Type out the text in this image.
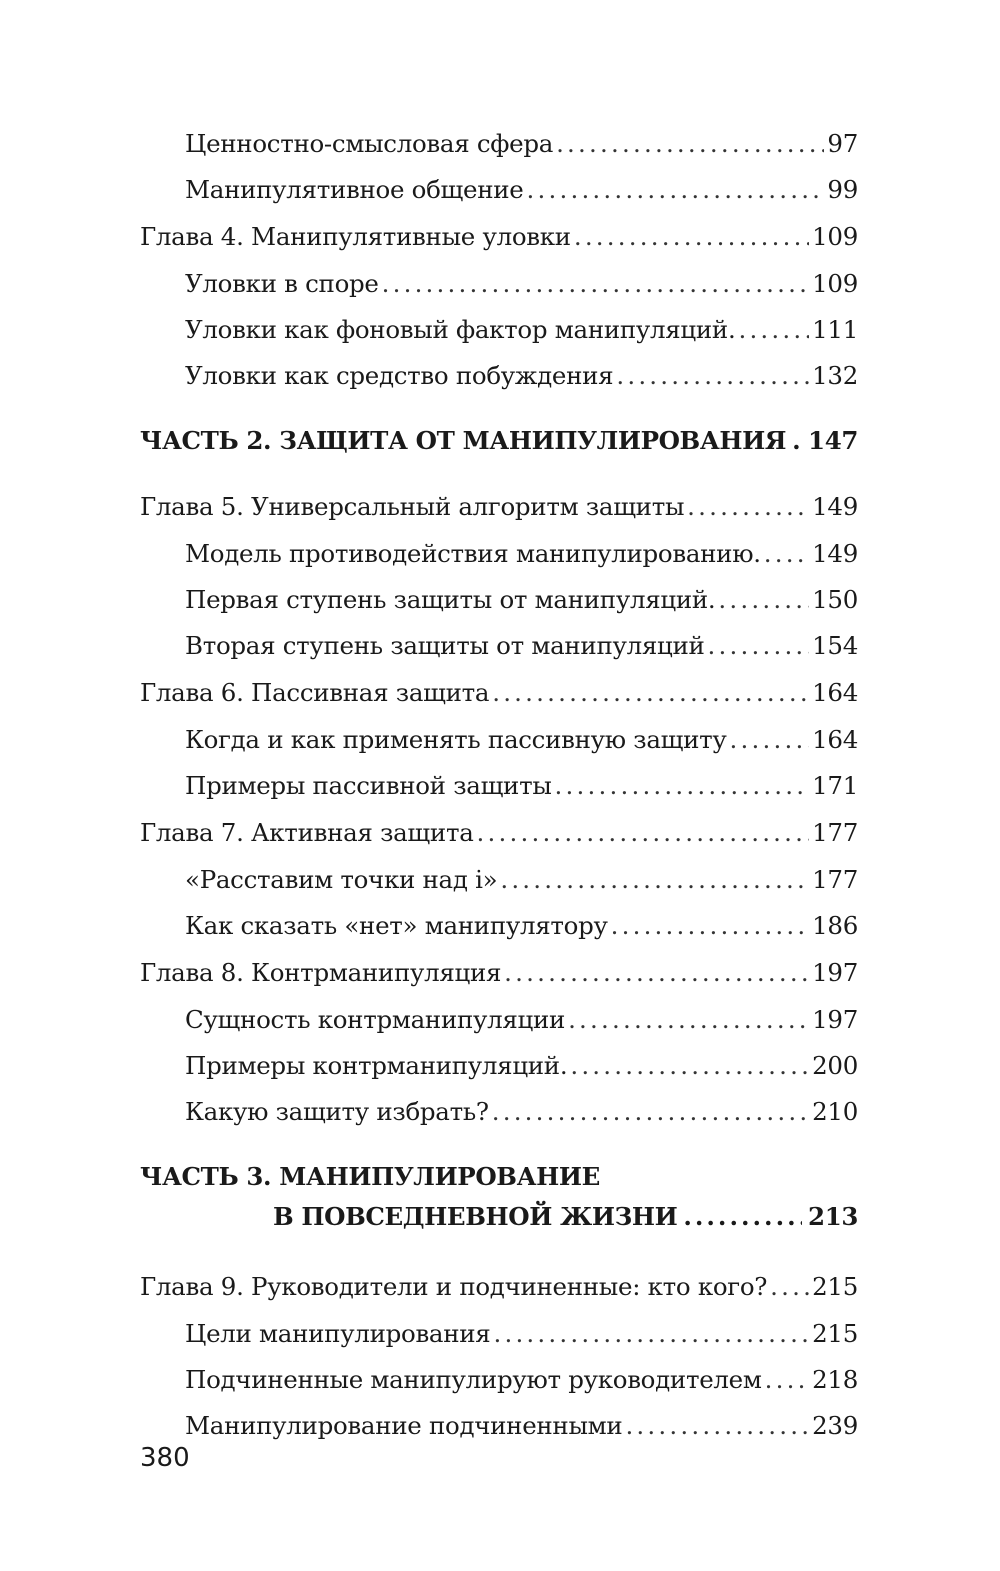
Ценностно-смысловая сфера .....	97
Манипулятивное общение .....	99
Глава 4. Манипулятивные уловки .....	109
Уловки в споре .....	109
Уловки как фоновый фактор манипуляций. .....	111
Уловки как средство побуждения .....	132
ЧАСТЬ 2. ЗАЩИТА ОТ МАНИПУЛИРОВАНИЯ ..... 147
Глава 5. Универсальный алгоритм защиты .....	149
Модель противодействия манипулированию. ..... 149
Первая ступень защиты от манипуляций. .....	150
Вторая ступень защиты от манипуляций .....	154
Глава 6. Пассивная защита .....	164
Когда и как применять пассивную защиту .....	164
Примеры пассивной защиты .....	171
Глава 7. Активная защита .....	177
«Расставим точки над i» .....	177
Как сказать «нет» манипулятору .....	186
Глава 8. Контрманипуляция .....	197
Сущность контрманипуляции .....	197
Примеры контрманипуляций. .....	200
Какую защиту избрать? .....	210
ЧАСТЬ 3. МАНИПУЛИРОВАНИЕ
В ПОВСЕДНЕВНОЙ ЖИЗНИ .....	213
Глава 9. Руководители и подчиненные: кто кого? ..... 215
Цели манипулирования .....	215
Подчиненные манипулируют руководителем ..... 218
Манипулирование подчиненными .....	239
380
